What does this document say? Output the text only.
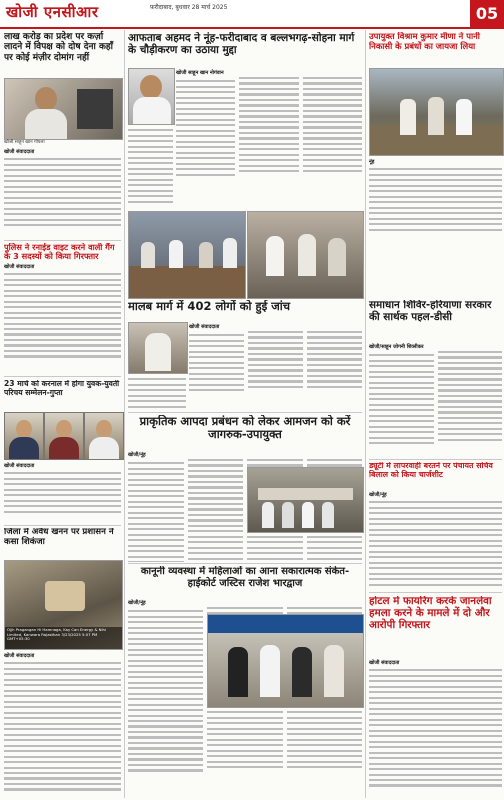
खोजी एनसीआर	फ़रीदाबाद, बुधवार 28 मार्च 2025	05
लाख करोड़ का प्रदेश पर कर्ज़ा लादने में विपक्ष को दोष देना कहाँ पर कोई मंज़ीर दोमांग नहीं
खोजी साहून खान गोयला
खोजी संवाददाता
पुलिस ने रनाईड वाइट करने वाली गैंग के 3 सदस्यों को किया गिरफ्तार
खोजी संवाददाता
23 मार्च को करनाल में होगा युवक-युवती परिचय सम्मेलन-गुप्ता
खोजी संवाददाता
जिला में अवैध खनन पर प्रशासन ने कसा शिकंजा
Ojjh Pragangan Hi Hamnaga, Kay Can Energy & Nihi Limited, Kanwara Rajasthan 3/23/2025 5:07 PM GMT+05:30
खोजी संवाददाता
आफताब अहमद ने नूंह-फरीदाबाद व बल्लभगढ़-सोहना मार्ग के चौड़ीकरण का उठाया मुद्दा
खोजी साहून खान नोगंवान
मालब मार्ग में 402 लोगों को हुई जांच
खोजी संवाददाता
प्राकृतिक आपदा प्रबंधन को लेकर आमजन को करें जागरुक-उपायुक्त
खोजी/नूंह
कानूनी व्यवस्था में महिलाओं का आना सकारात्मक संकेत- हाईकोर्ट जस्टिस राजेश भारद्वाज
खोजी/नूंह
उपायुक्त विश्राम कुमार मीणा ने पानी निकासी के प्रबंधों का जायजा लिया
नूंह
समाधान शिविर-हरियाणा सरकार की सार्थक पहल-डीसी
खोजी/साहून जोगनी शिव्लीकर
ड्यूटी में लापरवाही बरतने पर पंचायत सचिव बिलाल को किया चार्जशीट
खोजी/नूंह
होटल में फायरिंग करके जानलेवा हमला करने के मामले में दो और आरोपी गिरफ्तार
खोजी संवाददाता
